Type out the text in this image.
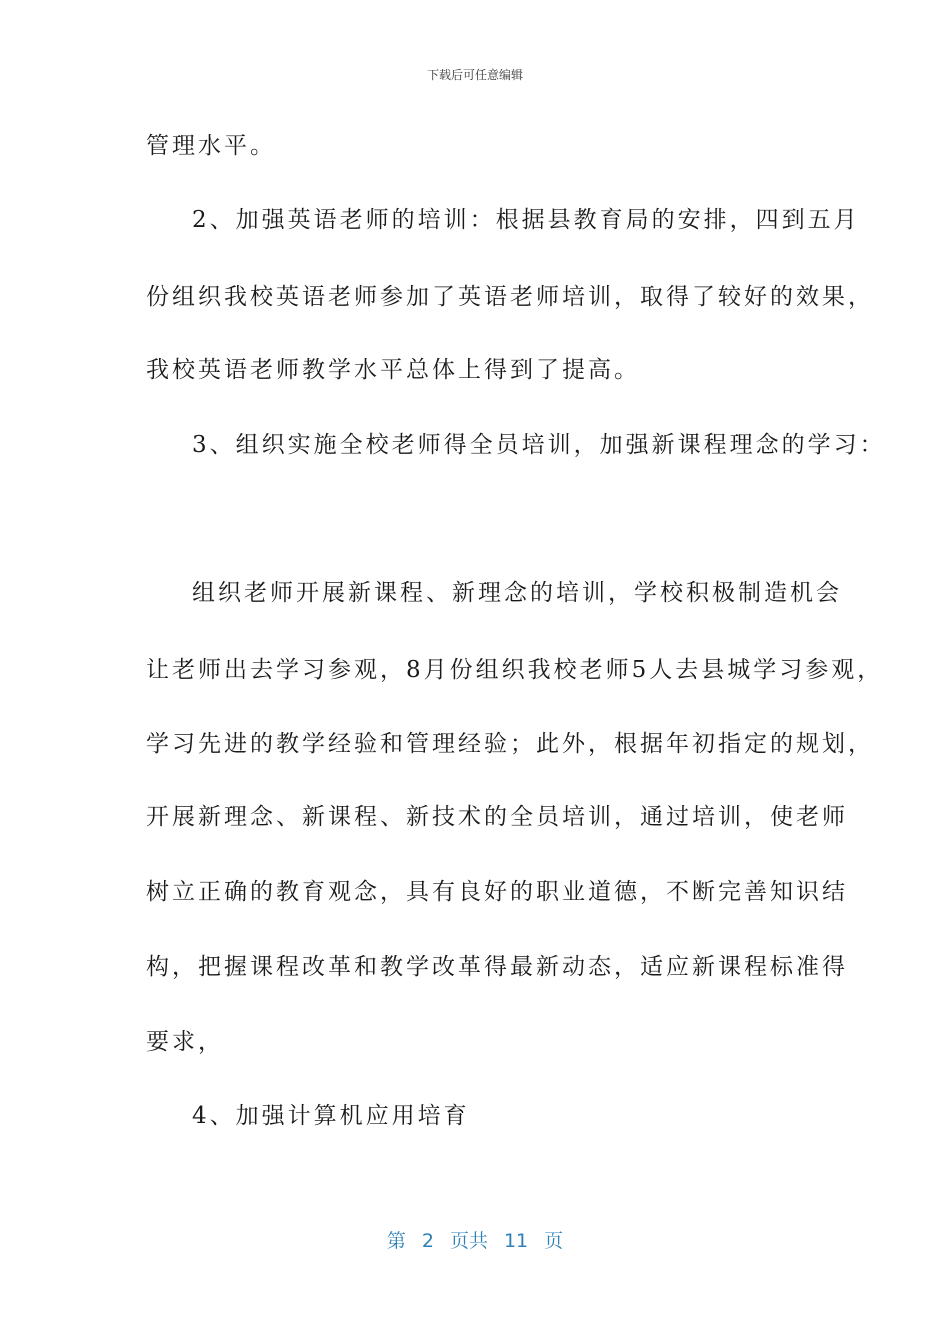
下载后可任意编辑
管理水平。
2、加强英语老师的培训：根据县教育局的安排，四到五月
份组织我校英语老师参加了英语老师培训，取得了较好的效果，
我校英语老师教学水平总体上得到了提高。
3、组织实施全校老师得全员培训，加强新课程理念的学习：
组织老师开展新课程、新理念的培训，学校积极制造机会
让老师出去学习参观，8月份组织我校老师5人去县城学习参观，
学习先进的教学经验和管理经验；此外，根据年初指定的规划，
开展新理念、新课程、新技术的全员培训，通过培训，使老师
树立正确的教育观念，具有良好的职业道德，不断完善知识结
构，把握课程改革和教学改革得最新动态，适应新课程标准得
要求，
4、加强计算机应用培育
第 2 页共 11 页
